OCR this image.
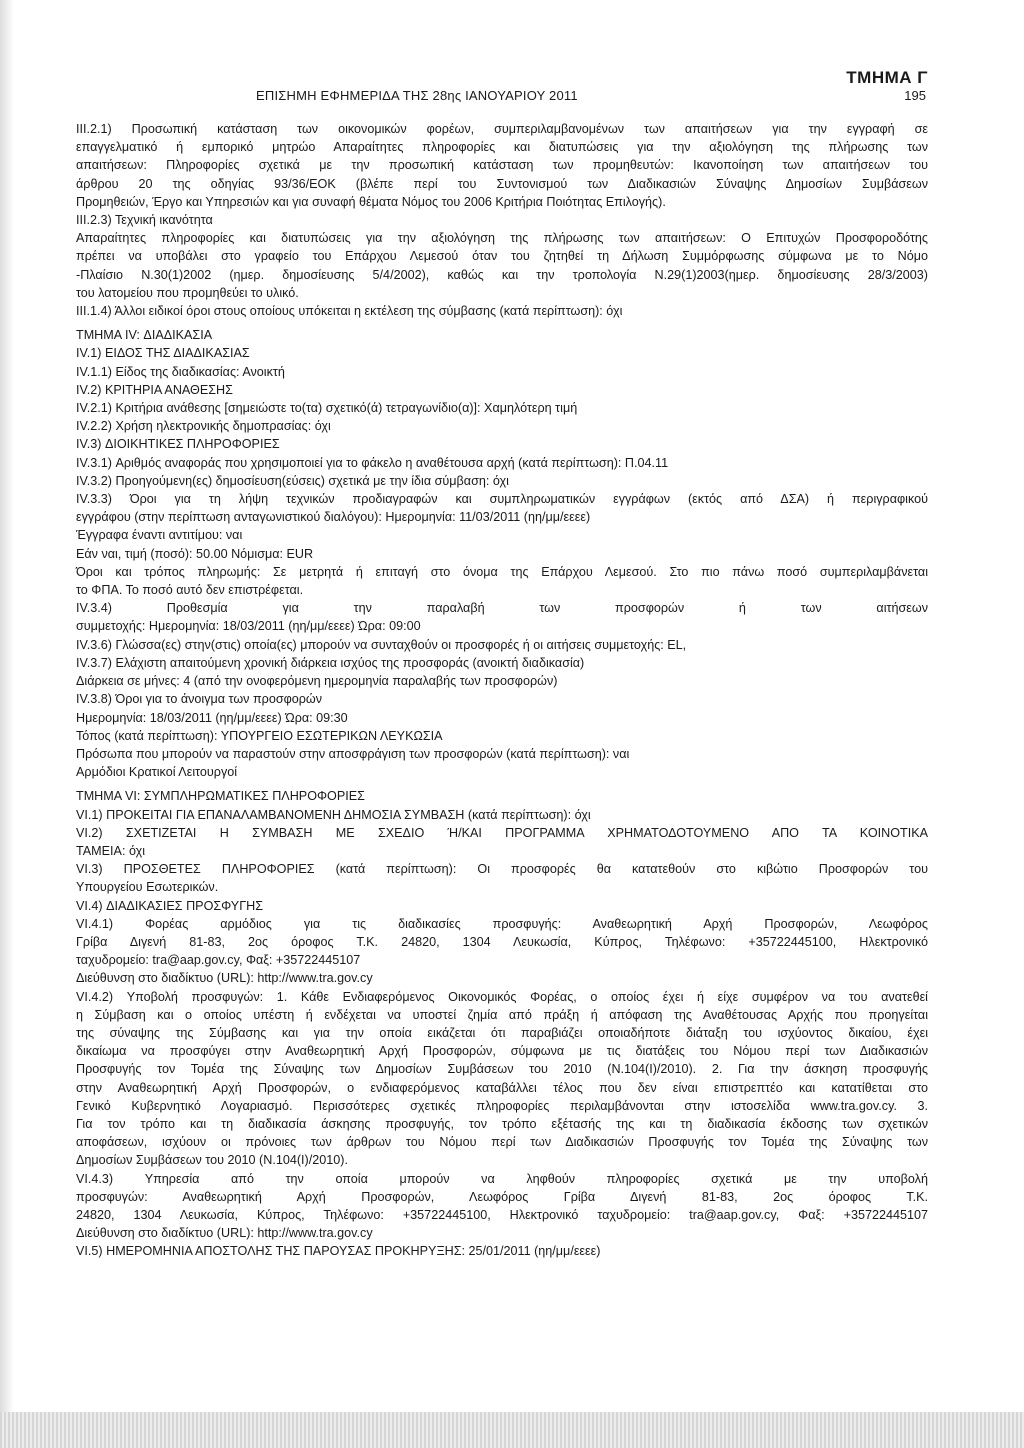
ΤΜΗΜΑ Γ
ΕΠΙΣΗΜΗ ΕΦΗΜΕΡΙΔΑ ΤΗΣ 28ης ΙΑΝΟΥΑΡΙΟΥ 2011	195

ΙΙΙ.2.1) Προσωπική κατάσταση των οικονομικών φορέων, συμπεριλαμβανομένων των απαιτήσεων για την εγγραφή σε

επαγγελματικό ή εμπορικό μητρώο Απαραίτητες πληροφορίες και διατυπώσεις για την αξιολόγηση της πλήρωσης των

απαιτήσεων: Πληροφορίες σχετικά με την προσωπική κατάσταση των προμηθευτών: Ικανοποίηση των απαιτήσεων του

άρθρου 20 της οδηγίας 93/36/ΕΟΚ (βλέπε περί του Συντονισμού των Διαδικασιών Σύναψης Δημοσίων Συμβάσεων

Προμηθειών, Έργο και Υπηρεσιών και για συναφή θέματα Νόμος του 2006 Κριτήρια Ποιότητας Επιλογής).

ΙΙΙ.2.3) Τεχνική ικανότητα

Απαραίτητες πληροφορίες και διατυπώσεις για την αξιολόγηση της πλήρωσης των απαιτήσεων: Ο Επιτυχών Προσφοροδότης

πρέπει να υποβάλει στο γραφείο του Επάρχου Λεμεσού όταν του ζητηθεί τη Δήλωση Συμμόρφωσης σύμφωνα με το Νόμο

-Πλαίσιο Ν.30(1)2002 (ημερ. δημοσίευσης 5/4/2002), καθώς και την τροπολογία Ν.29(1)2003(ημερ. δημοσίευσης 28/3/2003)

του λατομείου που προμηθεύει το υλικό.

ΙΙΙ.1.4) Άλλοι ειδικοί όροι στους οποίους υπόκειται η εκτέλεση της σύμβασης (κατά περίπτωση): όχι

ΤΜΗΜΑ IV: ΔΙΑΔΙΚΑΣΙΑ

IV.1) ΕΙΔΟΣ ΤΗΣ ΔΙΑΔΙΚΑΣΙΑΣ

IV.1.1) Είδος της διαδικασίας: Ανοικτή

IV.2) ΚΡΙΤΗΡΙΑ ΑΝΑΘΕΣΗΣ

IV.2.1) Κριτήρια ανάθεσης [σημειώστε το(τα) σχετικό(ά) τετραγωνίδιο(α)]: Χαμηλότερη τιμή

IV.2.2) Χρήση ηλεκτρονικής δημοπρασίας: όχι

IV.3) ΔΙΟΙΚΗΤΙΚΕΣ ΠΛΗΡΟΦΟΡΙΕΣ

IV.3.1) Αριθμός αναφοράς που χρησιμοποιεί για το φάκελο η αναθέτουσα αρχή (κατά περίπτωση): Π.04.11

IV.3.2) Προηγούμενη(ες) δημοσίευση(εύσεις) σχετικά με την ίδια σύμβαση: όχι

IV.3.3) Όροι για τη λήψη τεχνικών προδιαγραφών και συμπληρωματικών εγγράφων (εκτός από ΔΣΑ) ή περιγραφικού

εγγράφου (στην περίπτωση ανταγωνιστικού διαλόγου): Ημερομηνία: 11/03/2011 (ηη/μμ/εεεε)

Έγγραφα έναντι αντιτίμου: ναι

Εάν ναι, τιμή (ποσό): 50.00 Νόμισμα: EUR

Όροι και τρόπος πληρωμής: Σε μετρητά ή επιταγή στο όνομα της Επάρχου Λεμεσού. Στο πιο πάνω ποσό συμπεριλαμβάνεται

το ΦΠΑ. Το ποσό αυτό δεν επιστρέφεται.

IV.3.4) Προθεσμία για την παραλαβή των προσφορών ή των αιτήσεων

συμμετοχής: Ημερομηνία: 18/03/2011 (ηη/μμ/εεεε) Ώρα: 09:00

IV.3.6) Γλώσσα(ες) στην(στις) οποία(ες) μπορούν να συνταχθούν οι προσφορές ή οι αιτήσεις συμμετοχής: EL,

IV.3.7) Ελάχιστη απαιτούμενη χρονική διάρκεια ισχύος της προσφοράς (ανοικτή διαδικασία)

Διάρκεια σε μήνες: 4 (από την ονοφερόμενη ημερομηνία παραλαβής των προσφορών)

IV.3.8) Όροι για το άνοιγμα των προσφορών

Ημερομηνία: 18/03/2011 (ηη/μμ/εεεε) Ώρα: 09:30

Τόπος (κατά περίπτωση): ΥΠΟΥΡΓΕΙΟ ΕΣΩΤΕΡΙΚΩΝ ΛΕΥΚΩΣΙΑ

Πρόσωπα που μπορούν να παραστούν στην αποσφράγιση των προσφορών (κατά περίπτωση): ναι

Αρμόδιοι Κρατικοί Λειτουργοί

ΤΜΗΜΑ VI: ΣΥΜΠΛΗΡΩΜΑΤΙΚΕΣ ΠΛΗΡΟΦΟΡΙΕΣ

VI.1) ΠΡΟΚΕΙΤΑΙ ΓΙΑ ΕΠΑΝΑΛΑΜΒΑΝΟΜΕΝΗ ΔΗΜΟΣΙΑ ΣΥΜΒΑΣΗ (κατά περίπτωση): όχι

VI.2) ΣΧΕΤΙΖΕΤΑΙ Η ΣΥΜΒΑΣΗ ΜΕ ΣΧΕΔΙΟ Ή/ΚΑΙ ΠΡΟΓΡΑΜΜΑ ΧΡΗΜΑΤΟΔΟΤΟΥΜΕΝΟ ΑΠΟ ΤΑ ΚΟΙΝΟΤΙΚΑ

ΤΑΜΕΙΑ: όχι

VI.3) ΠΡΟΣΘΕΤΕΣ ΠΛΗΡΟΦΟΡΙΕΣ (κατά περίπτωση): Οι προσφορές θα κατατεθούν στο κιβώτιο Προσφορών του

Υπουργείου Εσωτερικών.

VI.4) ΔΙΑΔΙΚΑΣΙΕΣ ΠΡΟΣΦΥΓΗΣ

VI.4.1) Φορέας αρμόδιος για τις διαδικασίες προσφυγής: Αναθεωρητική Αρχή Προσφορών, Λεωφόρος

Γρίβα Διγενή 81-83, 2ος όροφος Τ.Κ. 24820, 1304 Λευκωσία, Κύπρος, Τηλέφωνο: +35722445100, Ηλεκτρονικό

ταχυδρομείο: tra@aap.gov.cy, Φαξ: +35722445107

Διεύθυνση στο διαδίκτυο (URL): http://www.tra.gov.cy

VI.4.2) Υποβολή προσφυγών: 1. Κάθε Ενδιαφερόμενος Οικονομικός Φορέας, ο οποίος έχει ή είχε συμφέρον να του ανατεθεί

η Σύμβαση και ο οποίος υπέστη ή ενδέχεται να υποστεί ζημία από πράξη ή απόφαση της Αναθέτουσας Αρχής που προηγείται

της σύναψης της Σύμβασης και για την οποία εικάζεται ότι παραβιάζει οποιαδήποτε διάταξη του ισχύοντος δικαίου, έχει

δικαίωμα να προσφύγει στην Αναθεωρητική Αρχή Προσφορών, σύμφωνα με τις διατάξεις του Νόμου περί των Διαδικασιών

Προσφυγής τον Τομέα της Σύναψης των Δημοσίων Συμβάσεων του 2010 (Ν.104(Ι)/2010). 2. Για την άσκηση προσφυγής

στην Αναθεωρητική Αρχή Προσφορών, ο ενδιαφερόμενος καταβάλλει τέλος που δεν είναι επιστρεπτέο και κατατίθεται στο

Γενικό Κυβερνητικό Λογαριασμό. Περισσότερες σχετικές πληροφορίες περιλαμβάνονται στην ιστοσελίδα www.tra.gov.cy. 3.

Για τον τρόπο και τη διαδικασία άσκησης προσφυγής, τον τρόπο εξέτασής της και τη διαδικασία έκδοσης των σχετικών

αποφάσεων, ισχύουν οι πρόνοιες των άρθρων του Νόμου περί των Διαδικασιών Προσφυγής τον Τομέα της Σύναψης των

Δημοσίων Συμβάσεων του 2010 (Ν.104(Ι)/2010).

VI.4.3) Υπηρεσία από την οποία μπορούν να ληφθούν πληροφορίες σχετικά με την υποβολή

προσφυγών: Αναθεωρητική Αρχή Προσφορών, Λεωφόρος Γρίβα Διγενή 81-83, 2ος όροφος Τ.Κ.

24820, 1304 Λευκωσία, Κύπρος, Τηλέφωνο: +35722445100, Ηλεκτρονικό ταχυδρομείο: tra@aap.gov.cy, Φαξ: +35722445107

Διεύθυνση στο διαδίκτυο (URL): http://www.tra.gov.cy

VI.5) ΗΜΕΡΟΜΗΝΙΑ ΑΠΟΣΤΟΛΗΣ ΤΗΣ ΠΑΡΟΥΣΑΣ ΠΡΟΚΗΡΥΞΗΣ: 25/01/2011 (ηη/μμ/εεεε)
